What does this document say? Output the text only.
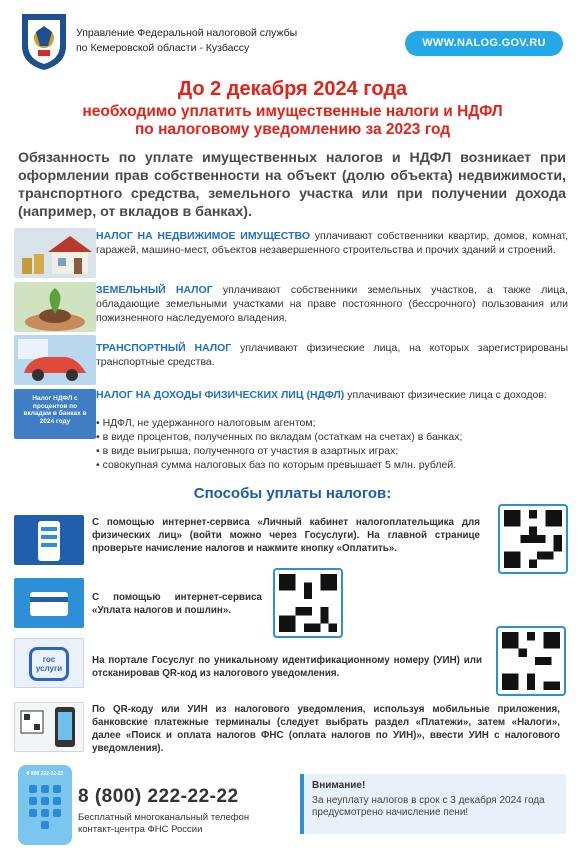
Управление Федеральной налоговой службы
по Кемеровской области - Кузбассу	WWW.NALOG.GOV.RU
До 2 декабря 2024 года
необходимо уплатить имущественные налоги и НДФЛ
по налоговому уведомлению за 2023 год
Обязанность по уплате имущественных налогов и НДФЛ возникает при оформлении прав собственности на объект (долю объекта) недвижимости, транспортного средства, земельного участка или при получении дохода (например, от вкладов в банках).
НАЛОГ НА НЕДВИЖИМОЕ ИМУЩЕСТВО уплачивают собственники квартир, домов, комнат, гаражей, машино-мест, объектов незавершенного строительства и прочих зданий и строений.
ЗЕМЕЛЬНЫЙ НАЛОГ уплачивают собственники земельных участков, а также лица, обладающие земельными участками на праве постоянного (бессрочного) пользования или пожизненного наследуемого владения.
ТРАНСПОРТНЫЙ НАЛОГ уплачивают физические лица, на которых зарегистрированы транспортные средства.
Налог НДФЛ с процентов по вкладам в банках в 2024 году
НАЛОГ НА ДОХОДЫ ФИЗИЧЕСКИХ ЛИЦ (НДФЛ) уплачивают физические лица с доходов:
• НДФЛ, не удержанного налоговым агентом;
• в виде процентов, полученных по вкладам (остаткам на счетах) в банках;
• в виде выигрыша, полученного от участия в азартных играх;
• совокупная сумма налоговых баз по которым превышает 5 млн. рублей.
Способы уплаты налогов:
С помощью интернет-сервиса «Личный кабинет налогоплательщика для физических лиц» (войти можно через Госуслуги). На главной странице проверьте начисление налогов и нажмите кнопку «Оплатить».
С помощью интернет-сервиса «Уплата налогов и пошлин».
гос услуги
На портале Госуслуг по уникальному идентификационному номеру (УИН) или отсканировав QR-код из налогового уведомления.
По QR-коду или УИН из налогового уведомления, используя мобильные приложения, банковские платежные терминалы (следует выбрать раздел «Платежи», затем «Налоги», далее «Поиск и оплата налогов ФНС (оплата налогов по УИН)», ввести УИН с налогового уведомления).
8 800 222-22-22
8 (800) 222-22-22
Бесплатный многоканальный телефон
контакт-центра ФНС России
Внимание!
За неуплату налогов в срок с 3 декабря 2024 года предусмотрено начисление пени!
